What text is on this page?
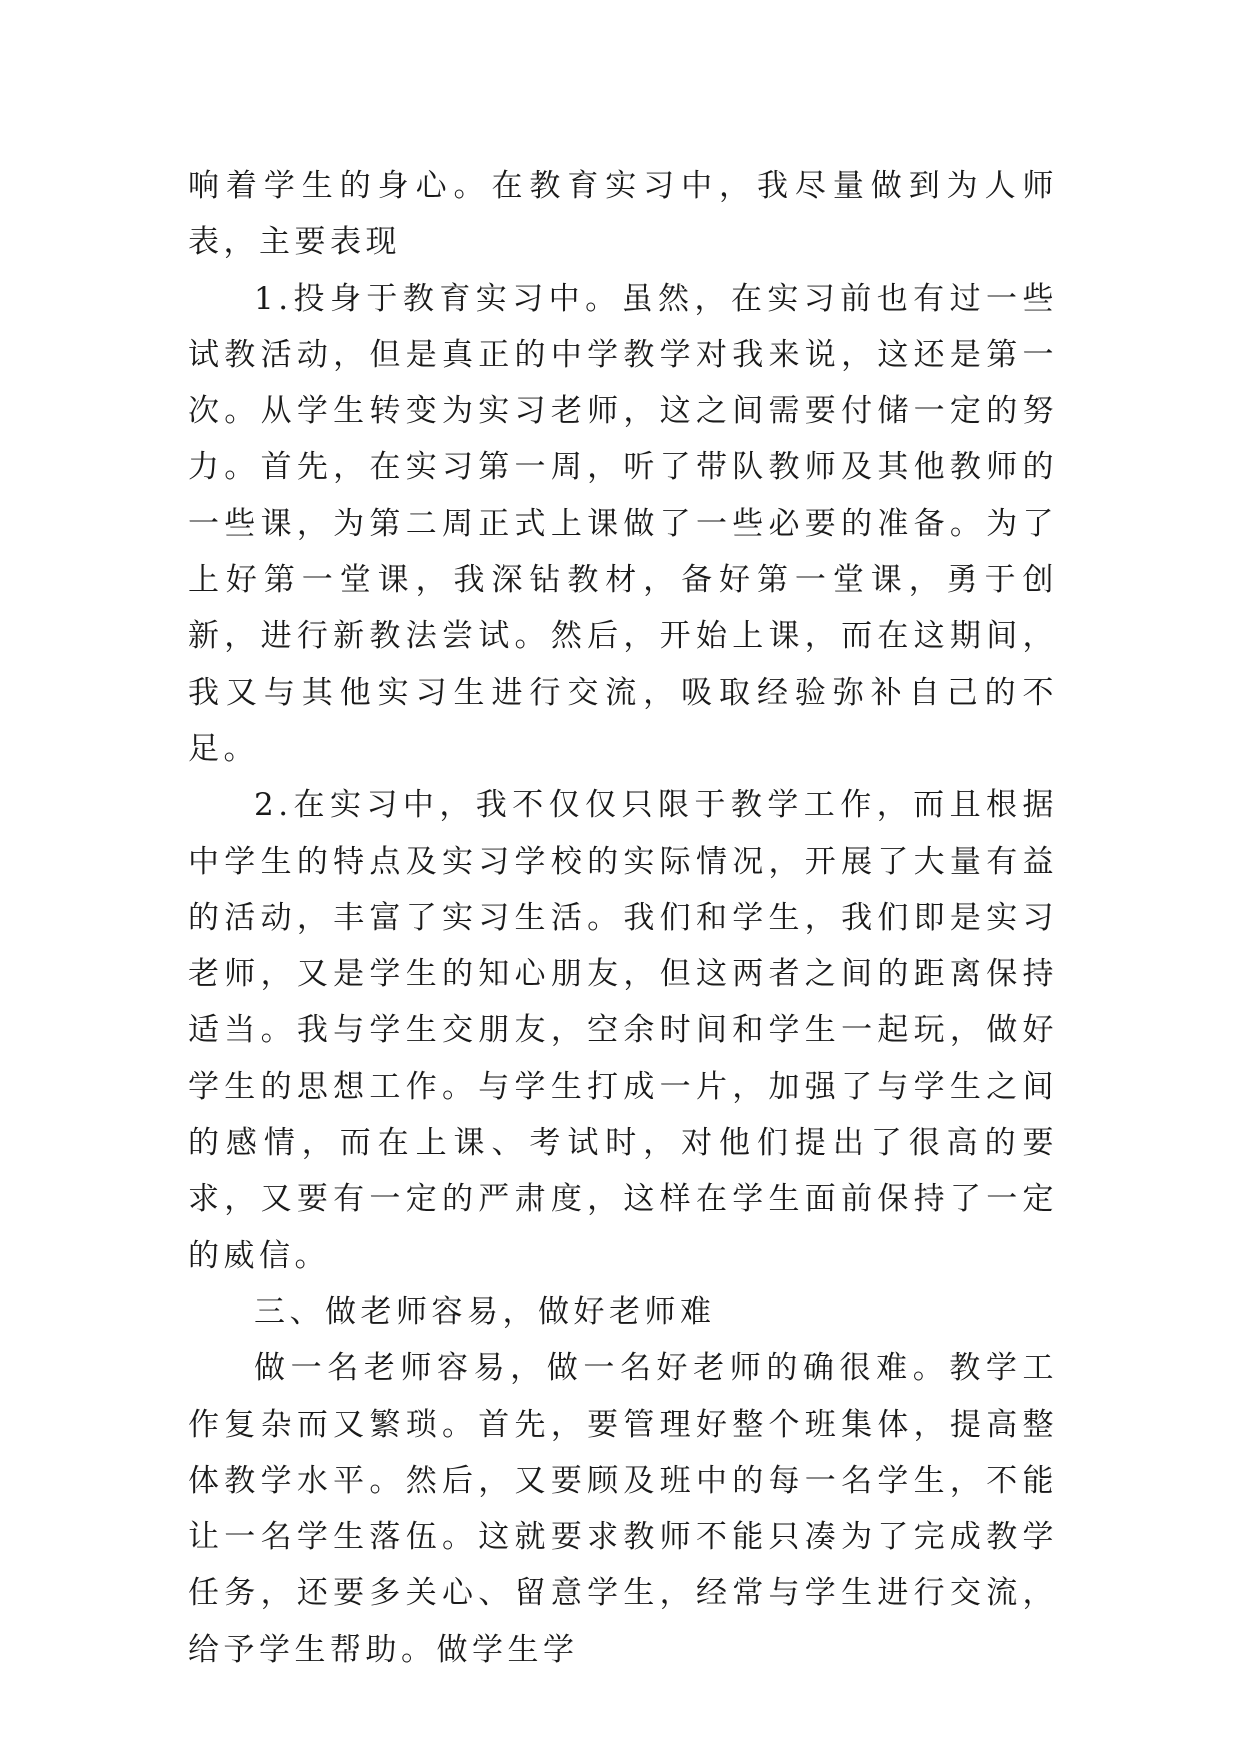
响着学生的身心。在教育实习中，我尽量做到为人师表，主要表现

1.投身于教育实习中。虽然，在实习前也有过一些试教活动，但是真正的中学教学对我来说，这还是第一次。从学生转变为实习老师，这之间需要付储一定的努力。首先，在实习第一周，听了带队教师及其他教师的一些课，为第二周正式上课做了一些必要的准备。为了上好第一堂课，我深钻教材，备好第一堂课，勇于创新，进行新教法尝试。然后，开始上课，而在这期间，我又与其他实习生进行交流，吸取经验弥补自己的不足。

2.在实习中，我不仅仅只限于教学工作，而且根据中学生的特点及实习学校的实际情况，开展了大量有益的活动，丰富了实习生活。我们和学生，我们即是实习老师，又是学生的知心朋友，但这两者之间的距离保持适当。我与学生交朋友，空余时间和学生一起玩，做好学生的思想工作。与学生打成一片，加强了与学生之间的感情，而在上课、考试时，对他们提出了很高的要求，又要有一定的严肃度，这样在学生面前保持了一定的威信。

三、做老师容易，做好老师难

做一名老师容易，做一名好老师的确很难。教学工作复杂而又繁琐。首先，要管理好整个班集体，提高整体教学水平。然后，又要顾及班中的每一名学生，不能让一名学生落伍。这就要求教师不能只凑为了完成教学任务，还要多关心、留意学生，经常与学生进行交流，给予学生帮助。做学生学
